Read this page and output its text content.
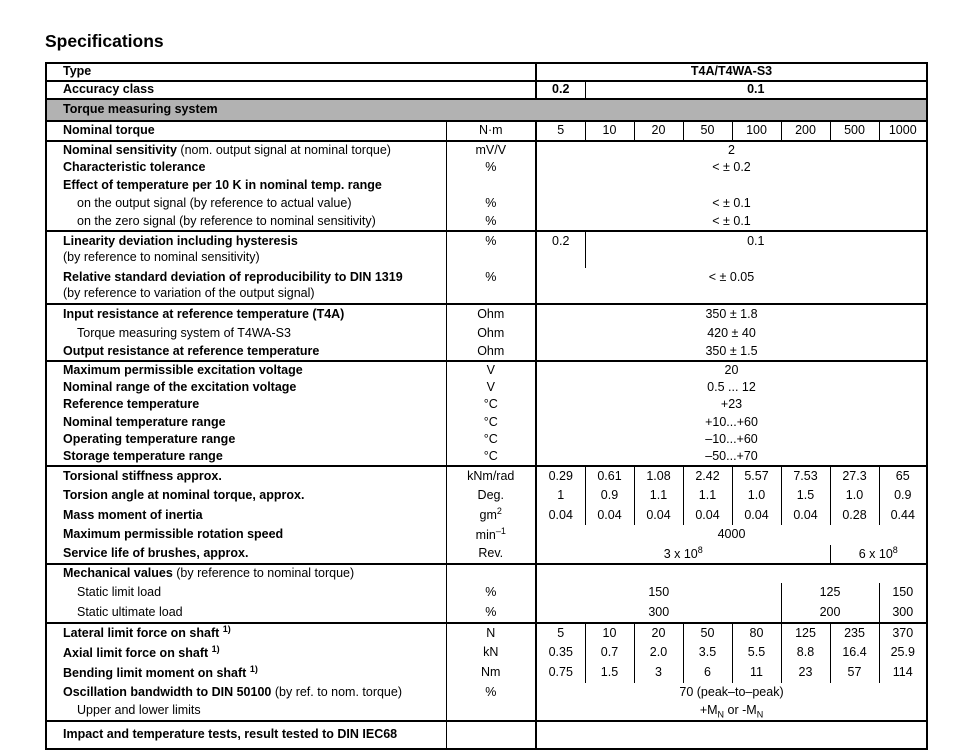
Specifications
Type		T4A/T4WA-S3							
Accuracy class		0.2	0.1						
Torque measuring system									
Nominal torque	N·m	5	10	20	50	100	200	500	1000
Nominal sensitivity (nom. output signal at nominal torque)	mV/V	2							
Characteristic tolerance	%	< ± 0.2							
Effect of temperature per 10 K in nominal temp. range									
on the output signal (by reference to actual value)	%	< ± 0.1							
on the zero signal (by reference to nominal sensitivity)	%	< ± 0.1							

Linearity deviation including hysteresis
(by reference to nominal sensitivity)	%	0.2	0.1						

Relative standard deviation of reproducibility to DIN 1319
(by reference to variation of the output signal)	%	< ± 0.05							
Input resistance at reference temperature (T4A)	Ohm	350 ± 1.8							
Torque measuring system of T4WA-S3	Ohm	420 ± 40							
Output resistance at reference temperature	Ohm	350 ± 1.5							
Maximum permissible excitation voltage	V	20							
Nominal range of the excitation voltage	V	0.5 ... 12							
Reference temperature	°C	+23							
Nominal temperature range	°C	+10...+60							
Operating temperature range	°C	–10...+60							
Storage temperature range	°C	–50...+70							
Torsional stiffness approx.	kNm/rad	0.29	0.61	1.08	2.42	5.57	7.53	27.3	65
Torsion angle at nominal torque, approx.	Deg.	1	0.9	1.1	1.1	1.0	1.5	1.0	0.9
Mass moment of inertia	$gm^2$	0.04	0.04	0.04	0.04	0.04	0.04	0.28	0.44
Maximum permissible rotation speed	$\min^{-1}$	4000							
Service life of brushes, approx.	Rev.	3 x $10^8$						6 x $10^8$
Mechanical values (by reference to nominal torque)									
Static limit load	%	150					125		150
Static ultimate load	%	300					200		300
Lateral limit force on shaft $^{1)}$	N	5	10	20	50	80	125	235	370
Axial limit force on shaft $^{1)}$	kN	0.35	0.7	2.0	3.5	5.5	8.8	16.4	25.9
Bending limit moment on shaft $^{1)}$	Nm	0.75	1.5	3	6	11	23	57	114
Oscillation bandwidth to DIN 50100 (by ref. to nom. torque)	%	70 (peak–to–peak)							
Upper and lower limits		$+M_N$ or $-M_N$
Impact and temperature tests, result tested to DIN IEC68									
